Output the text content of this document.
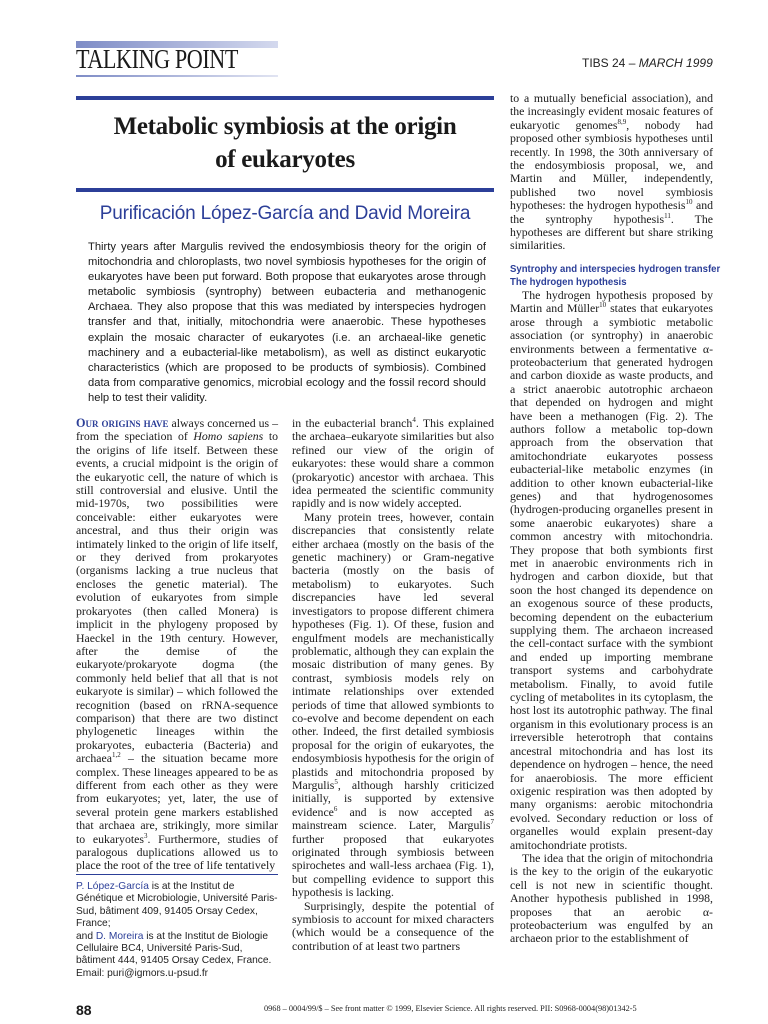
TALKING POINT	TIBS 24 – MARCH 1999
Metabolic symbiosis at the origin
of eukaryotes
Purificación López-García and David Moreira

Thirty years after Margulis revived the endosymbiosis theory for the origin of mitochondria and chloroplasts, two novel symbiosis hypotheses for the origin of eukaryotes have been put forward. Both propose that eukaryotes arose through metabolic symbiosis (syntrophy) between eubacteria and methanogenic Archaea. They also propose that this was mediated by interspecies hydrogen transfer and that, initially, mitochondria were anaerobic. These hypotheses explain the mosaic character of eukaryotes (i.e. an archaeal-like genetic machinery and a eubacterial-like metabolism), as well as distinct eukaryotic characteristics (which are proposed to be products of symbiosis). Combined data from comparative genomics, microbial ecology and the fossil record should help to test their validity.

Our origins have always concerned us – from the speciation of Homo sapiens to the origins of life itself. Between these events, a crucial midpoint is the origin of the eukaryotic cell, the nature of which is still controversial and elusive. Until the mid-1970s, two possibilities were conceivable: either eukaryotes were ancestral, and thus their origin was intimately linked to the origin of life itself, or they derived from prokaryotes (organisms lacking a true nucleus that encloses the genetic material). The evolution of eukaryotes from simple prokaryotes (then called Monera) is implicit in the phylogeny proposed by Haeckel in the 19th century. However, after the demise of the eukaryote/prokaryote dogma (the commonly held belief that all that is not eukaryote is similar) – which followed the recognition (based on rRNA-sequence comparison) that there are two distinct phylogenetic lineages within the prokaryotes, eubacteria (Bacteria) and archaea$^{1,2}$ – the situation became more complex. These lineages appeared to be as different from each other as they were from eukaryotes; yet, later, the use of several protein gene markers established that archaea are, strikingly, more similar to eukaryotes$^3$. Furthermore, studies of paralogous duplications allowed us to place the root of the tree of life tentatively

P. López-García is at the Institut de Génétique et Microbiologie, Université Paris-Sud, bâtiment 409, 91405 Orsay Cedex, France;
and D. Moreira is at the Institut de Biologie Cellulaire BC4, Université Paris-Sud, bâtiment 444, 91405 Orsay Cedex, France.
Email: puri@igmors.u-psud.fr

in the eubacterial branch$^4$. This explained the archaea–eukaryote similarities but also refined our view of the origin of eukaryotes: these would share a common (prokaryotic) ancestor with archaea. This idea permeated the scientific community rapidly and is now widely accepted.

Many protein trees, however, contain discrepancies that consistently relate either archaea (mostly on the basis of the genetic machinery) or Gram-negative bacteria (mostly on the basis of metabolism) to eukaryotes. Such discrepancies have led several investigators to propose different chimera hypotheses (Fig. 1). Of these, fusion and engulfment models are mechanistically problematic, although they can explain the mosaic distribution of many genes. By contrast, symbiosis models rely on intimate relationships over extended periods of time that allowed symbionts to co-evolve and become dependent on each other. Indeed, the first detailed symbiosis proposal for the origin of eukaryotes, the endosymbiosis hypothesis for the origin of plastids and mitochondria proposed by Margulis$^5$, although harshly criticized initially, is supported by extensive evidence$^6$ and is now accepted as mainstream science. Later, Margulis$^7$ further proposed that eukaryotes originated through symbiosis between spirochetes and wall-less archaea (Fig. 1), but compelling evidence to support this hypothesis is lacking.

Surprisingly, despite the potential of symbiosis to account for mixed characters (which would be a consequence of the contribution of at least two partners

to a mutually beneficial association), and the increasingly evident mosaic features of eukaryotic genomes$^{8,9}$, nobody had proposed other symbiosis hypotheses until recently. In 1998, the 30th anniversary of the endosymbiosis proposal, we, and Martin and Müller, independently, published two novel symbiosis hypotheses: the hydrogen hypothesis$^{10}$ and the syntrophy hypothesis$^{11}$. The hypotheses are different but share striking similarities.

Syntrophy and interspecies hydrogen transfer
The hydrogen hypothesis

The hydrogen hypothesis proposed by Martin and Müller$^{10}$ states that eukaryotes arose through a symbiotic metabolic association (or syntrophy) in anaerobic environments between a fermentative α-proteobacterium that generated hydrogen and carbon dioxide as waste products, and a strict anaerobic autotrophic archaeon that depended on hydrogen and might have been a methanogen (Fig. 2). The authors follow a metabolic top-down approach from the observation that amitochondriate eukaryotes possess eubacterial-like metabolic enzymes (in addition to other known eubacterial-like genes) and that hydrogenosomes (hydrogen-producing organelles present in some anaerobic eukaryotes) share a common ancestry with mitochondria. They propose that both symbionts first met in anaerobic environments rich in hydrogen and carbon dioxide, but that soon the host changed its dependence on an exogenous source of these products, becoming dependent on the eubacterium supplying them. The archaeon increased the cell-contact surface with the symbiont and ended up importing membrane transport systems and carbohydrate metabolism. Finally, to avoid futile cycling of metabolites in its cytoplasm, the host lost its autotrophic pathway. The final organism in this evolutionary process is an irreversible heterotroph that contains ancestral mitochondria and has lost its dependence on hydrogen – hence, the need for anaerobiosis. The more efficient oxigenic respiration was then adopted by many organisms: aerobic mitochondria evolved. Secondary reduction or loss of organelles would explain present-day amitochondriate protists.

The idea that the origin of mitochondria is the key to the origin of the eukaryotic cell is not new in scientific thought. Another hypothesis published in 1998, proposes that an aerobic α-proteobacterium was engulfed by an archaeon prior to the establishment of

88	0968 – 0004/99/$ – See front matter © 1999, Elsevier Science. All rights reserved. PII: S0968-0004(98)01342-5
